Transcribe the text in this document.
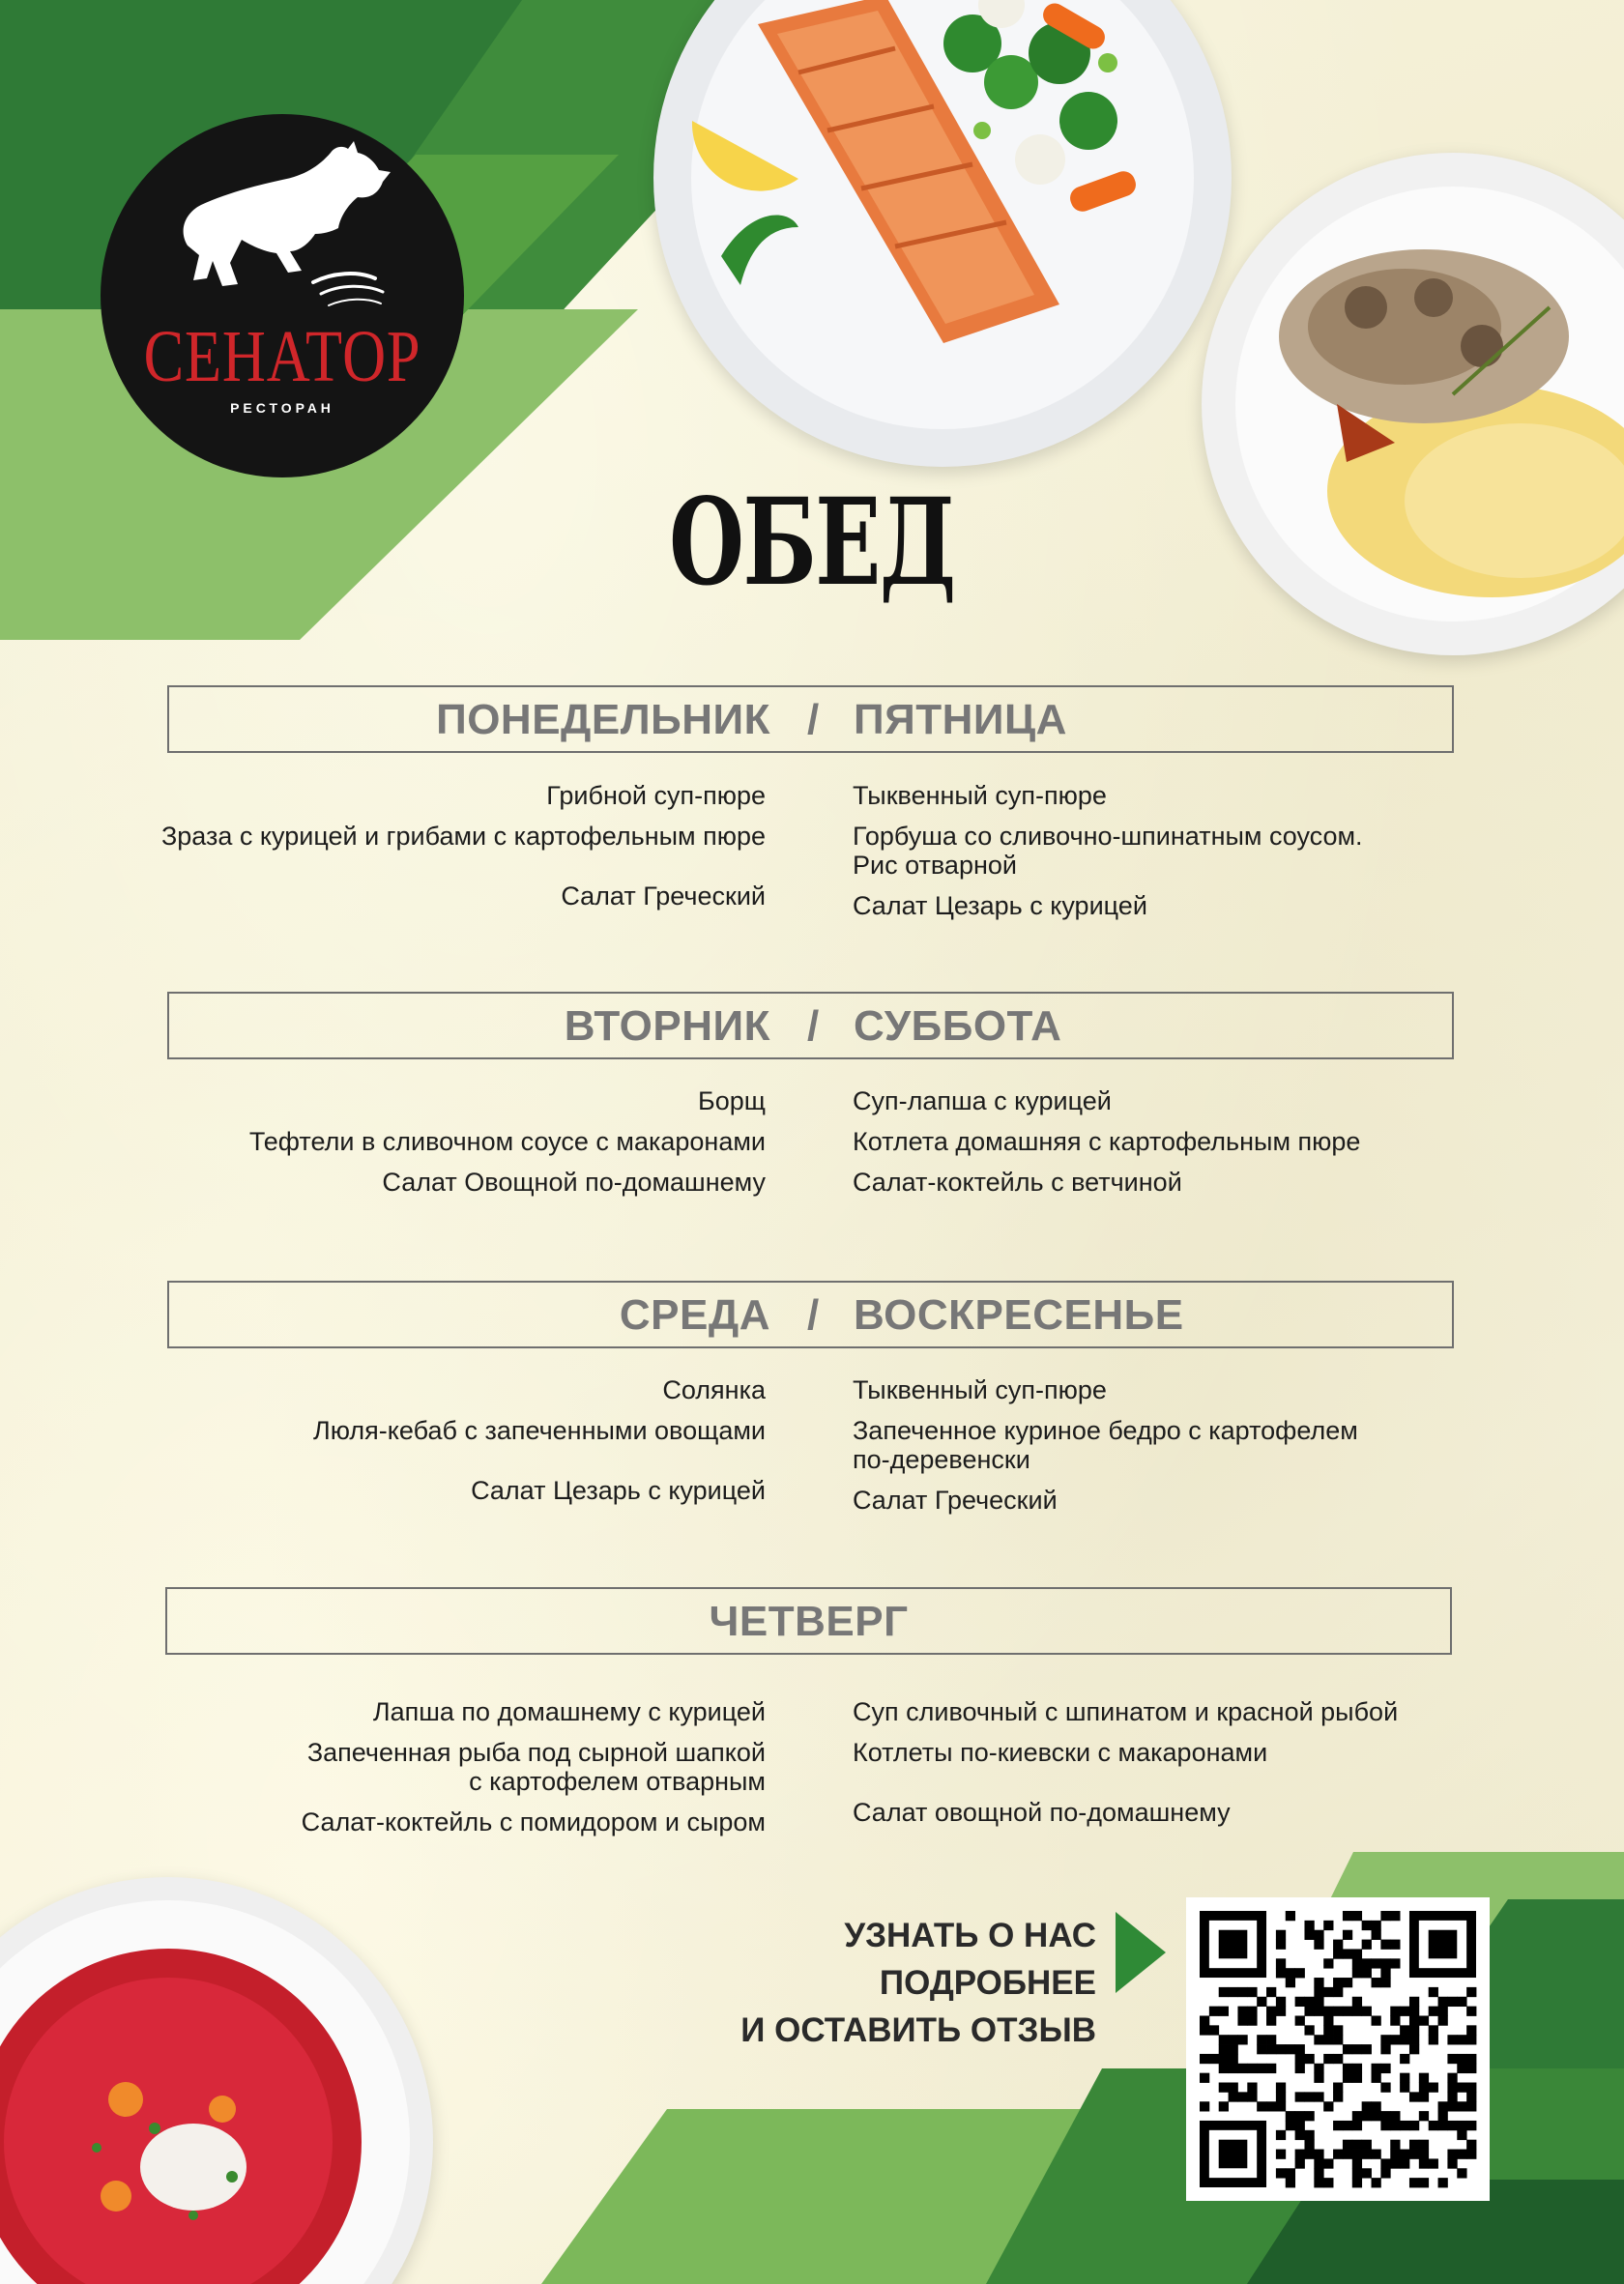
СЕНАТОР
РЕСТОРАН
ОБЕД
ПОНЕДЕЛЬНИК / ПЯТНИЦА
Грибной суп-пюре
Зраза с курицей и грибами с картофельным пюре
Салат Греческий
Тыквенный суп-пюре
Горбуша со сливочно-шпинатным соусом.
Рис отварной
Салат Цезарь с курицей
ВТОРНИК / СУББОТА
Борщ
Тефтели в сливочном соусе с макаронами
Салат Овощной по-домашнему
Суп-лапша с курицей
Котлета домашняя с картофельным пюре
Салат-коктейль с ветчиной
СРЕДА / ВОСКРЕСЕНЬЕ
Солянка
Люля-кебаб с запеченными овощами
Салат Цезарь с курицей
Тыквенный суп-пюре
Запеченное куриное бедро с картофелем
по-деревенски
Салат Греческий
ЧЕТВЕРГ
Лапша по домашнему с курицей
Запеченная рыба под сырной шапкой
с картофелем отварным
Салат-коктейль с помидором и сыром
Суп сливочный с шпинатом и красной рыбой
Котлеты по-киевски с макаронами
Салат овощной по-домашнему
УЗНАТЬ О НАС
ПОДРОБНЕЕ
И ОСТАВИТЬ ОТЗЫВ
